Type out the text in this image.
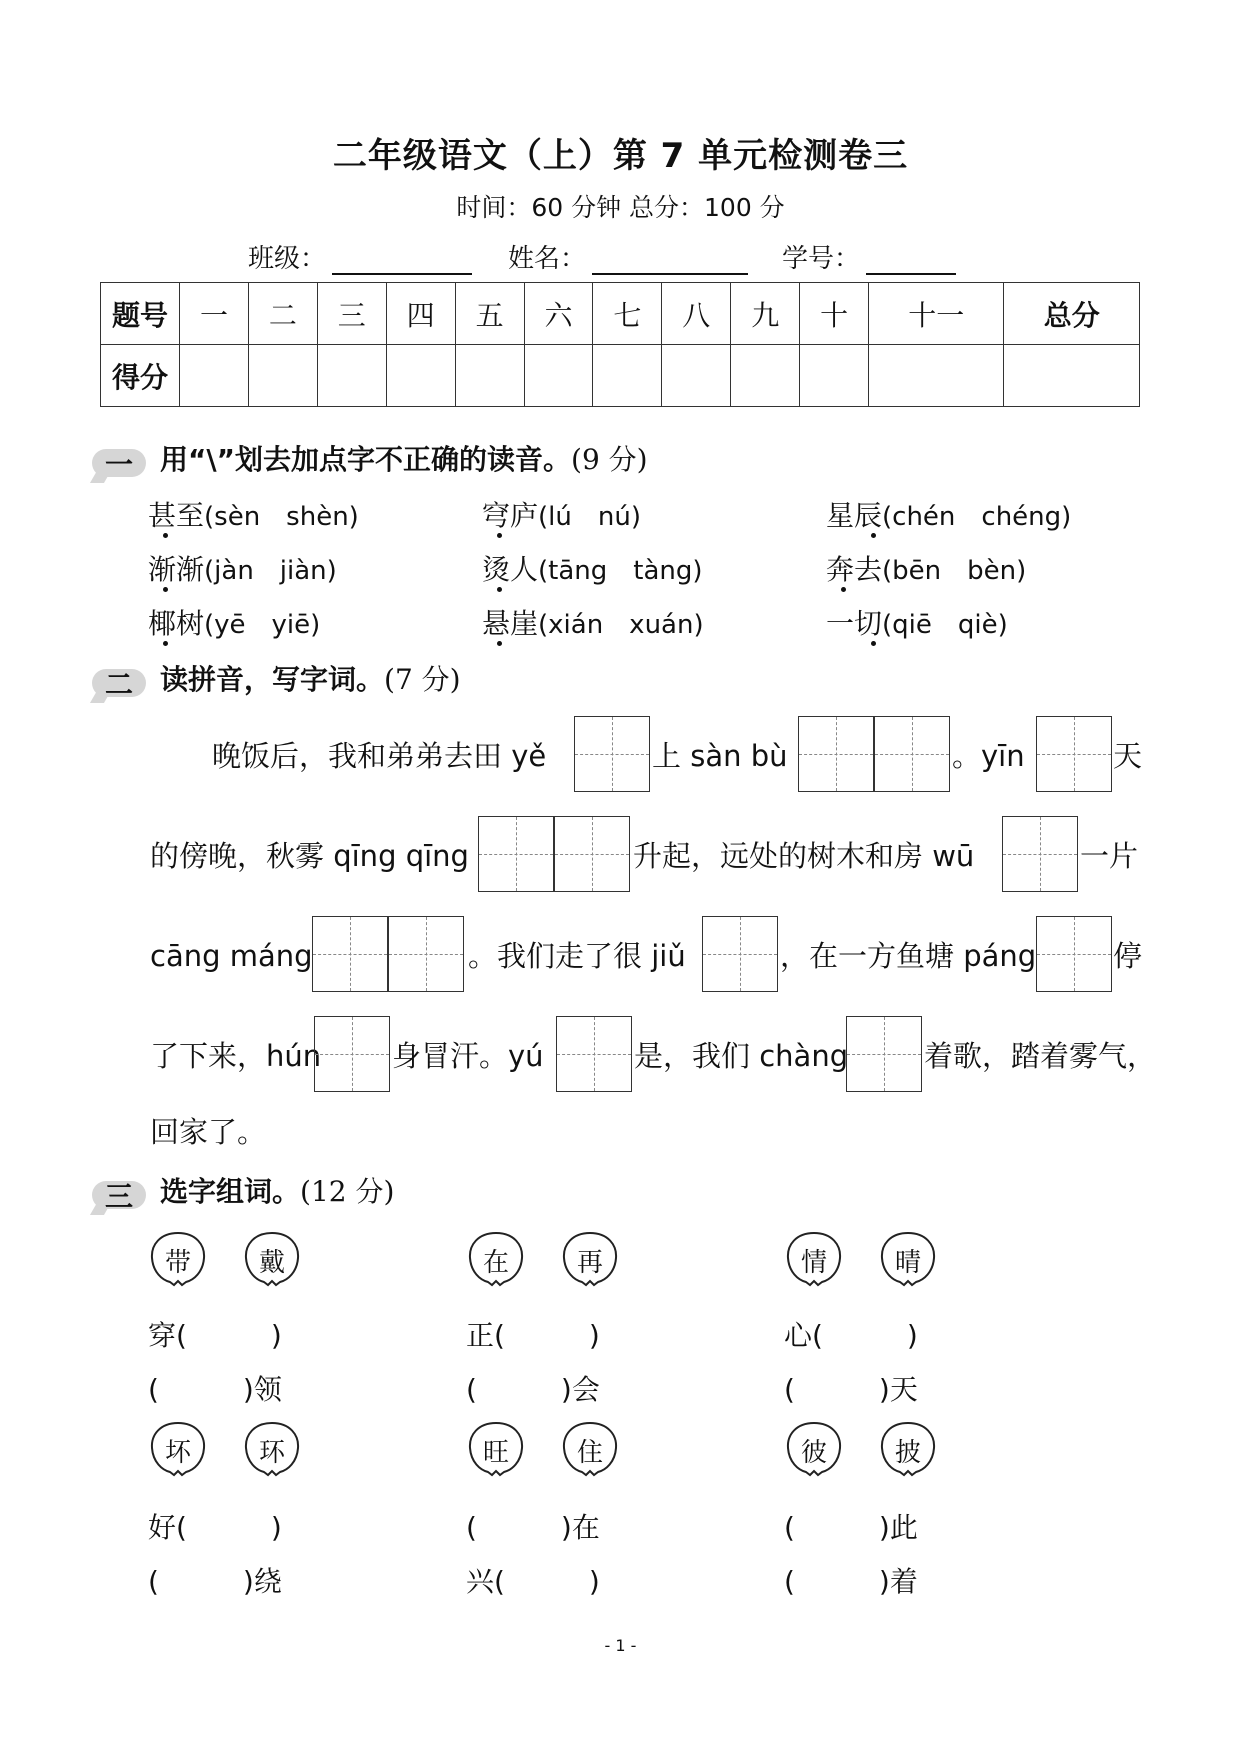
二年级语文（上）第 7 单元检测卷三
时间：60 分钟 总分：100 分
班级：	姓名：	学号：
题号	一	二	三	四	五	六	七	八	九	十	十一	总分
得分												
一 用“\”划去加点字不正确的读音。(9 分)
甚至(sèn　shèn)	穹庐(lú　nú)	星辰(chén　chéng)
渐渐(jàn　jiàn)	烫人(tāng　tàng)	奔去(bēn　bèn)
椰树(yē　yiē)	悬崖(xián　xuán)	一切(qiē　qiè)
二 读拼音，写字词。(7 分)
晚饭后，我和弟弟去田 yě	上 sàn bù	。yīn	天
的傍晚，秋雾 qīng qīng	升起，远处的树木和房 wū	一片
cāng máng	。我们走了很 jiǔ	，在一方鱼塘 páng	停
了下来，hún 身冒汗。yú	是，我们 chàng	着歌，踏着雾气，
回家了。
三 选字组词。(12 分)
带	戴	在	再	情	晴
穿(　　　)	正(　　　)	心(　　　)
(　　　)领	(　　　)会	(　　　)天
坏	环	旺	住	彼	披
好(　　　)	(　　　)在	(　　　)此
(　　　)绕	兴(　　　)	(　　　)着
- 1 -
